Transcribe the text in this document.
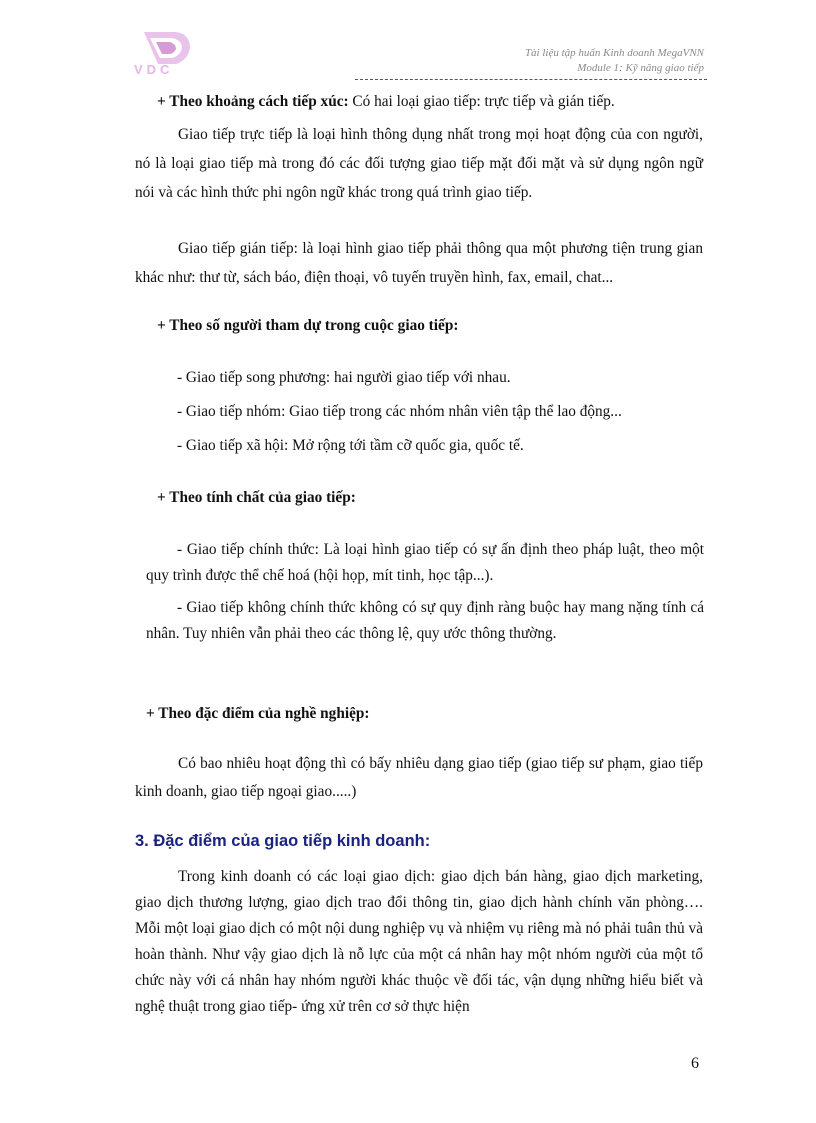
VDC
Tài liệu tập huấn Kinh doanh MegaVNN
Module 1: Kỹ năng giao tiếp

+ Theo khoảng cách tiếp xúc: Có hai loại giao tiếp: trực tiếp và gián tiếp.

Giao tiếp trực tiếp là loại hình thông dụng nhất trong mọi hoạt động của con người, nó là loại giao tiếp mà trong đó các đối tượng giao tiếp mặt đối mặt và sử dụng ngôn ngữ nói và các hình thức phi ngôn ngữ khác trong quá trình giao tiếp.

Giao tiếp gián tiếp: là loại hình giao tiếp phải thông qua một phương tiện trung gian khác như: thư từ, sách báo, điện thoại, vô tuyến truyền hình, fax, email, chat...

+ Theo số người tham dự trong cuộc giao tiếp:

- Giao tiếp song phương: hai người giao tiếp với nhau.

- Giao tiếp nhóm: Giao tiếp trong các nhóm nhân viên tập thể lao động...

- Giao tiếp xã hội: Mở rộng tới tầm cỡ quốc gia, quốc tế.

+ Theo tính chất của giao tiếp:

- Giao tiếp chính thức: Là loại hình giao tiếp có sự ấn định theo pháp luật, theo một quy trình được thể chế hoá (hội họp, mít tinh, học tập...).

- Giao tiếp không chính thức không có sự quy định ràng buộc hay mang nặng tính cá nhân. Tuy nhiên vẫn phải theo các thông lệ, quy ước thông thường.

+ Theo đặc điểm của nghề nghiệp:

Có bao nhiêu hoạt động thì có bấy nhiêu dạng giao tiếp (giao tiếp sư phạm, giao tiếp kinh doanh, giao tiếp ngoại giao.....)

3. Đặc điểm của giao tiếp kinh doanh:

Trong kinh doanh có các loại giao dịch: giao dịch bán hàng, giao dịch marketing, giao dịch thương lượng, giao dịch trao đổi thông tin, giao dịch hành chính văn phòng…. Mỗi một loại giao dịch có một nội dung nghiệp vụ và nhiệm vụ riêng mà nó phải tuân thủ và hoàn thành. Như vậy giao dịch là nỗ lực của một cá nhân hay một nhóm người của một tổ chức này với cá nhân hay nhóm người khác thuộc về đối tác, vận dụng những hiểu biết và nghệ thuật trong giao tiếp- ứng xử trên cơ sở thực hiện

6
